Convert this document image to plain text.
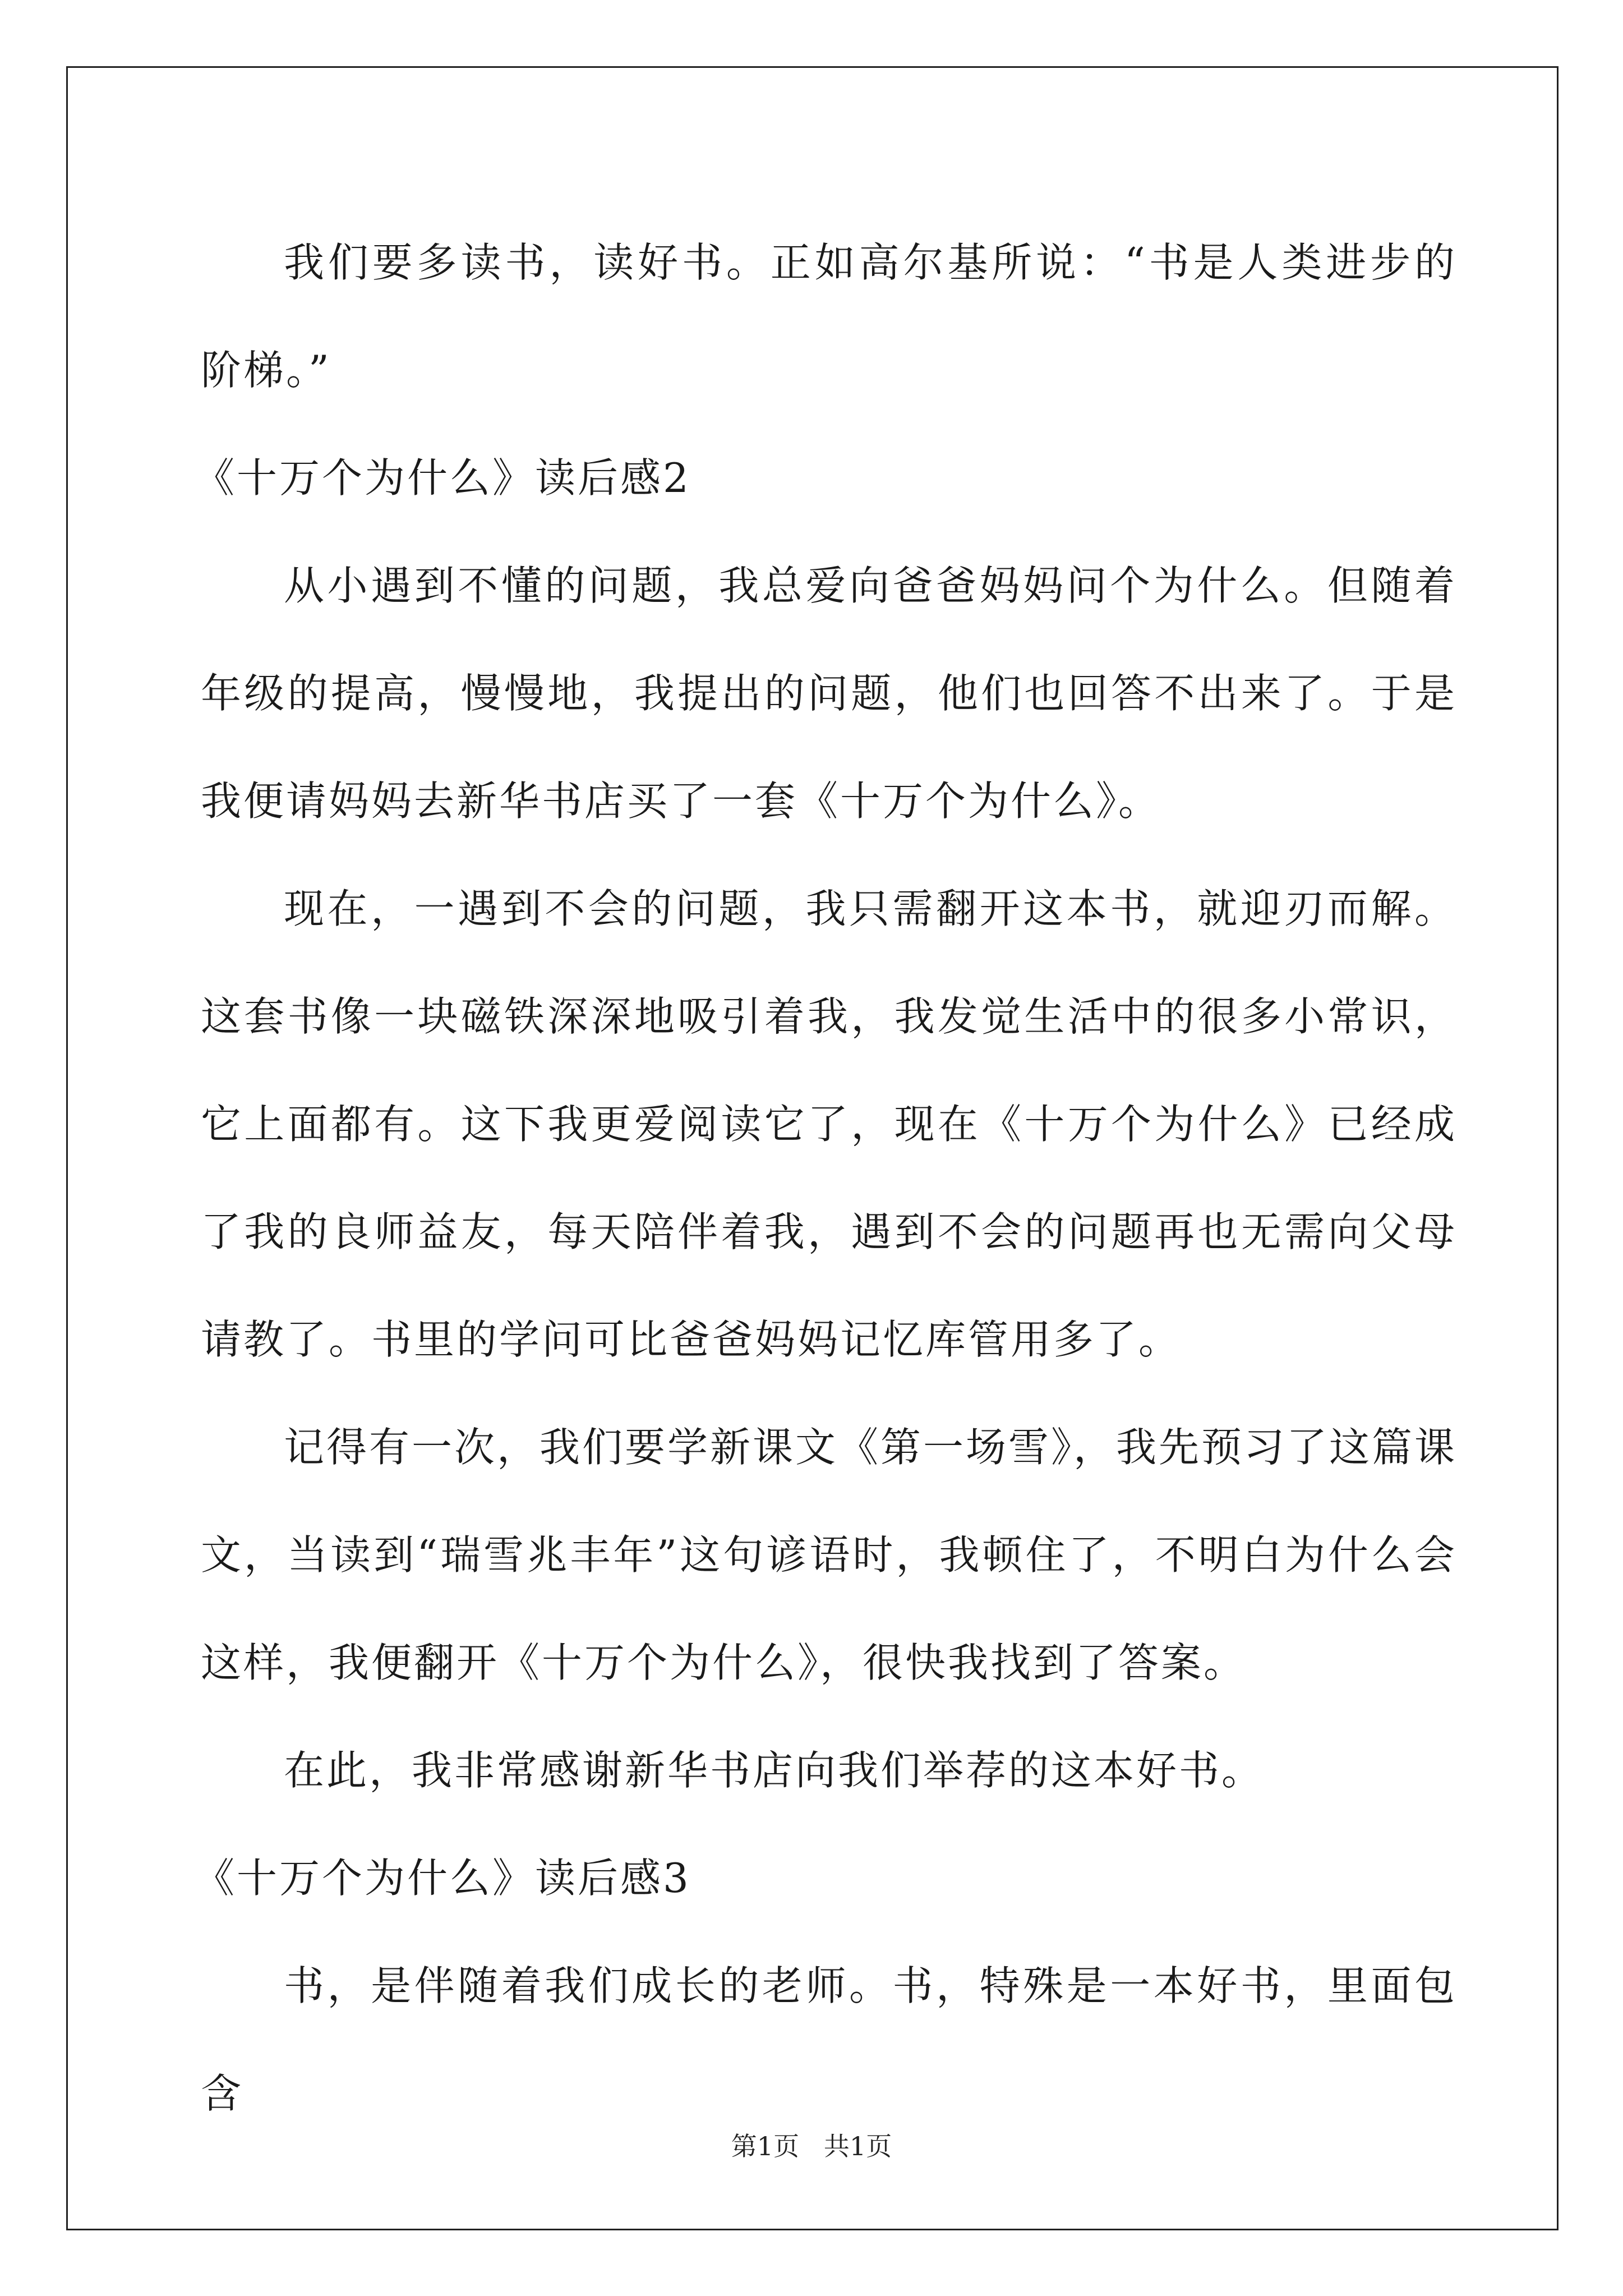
我们要多读书，读好书。正如高尔基所说：“书是人类进步的阶梯。”

《十万个为什么》读后感2

从小遇到不懂的问题，我总爱向爸爸妈妈问个为什么。但随着年级的提高，慢慢地，我提出的问题，他们也回答不出来了。于是我便请妈妈去新华书店买了一套《十万个为什么》。

现在，一遇到不会的问题，我只需翻开这本书，就迎刃而解。这套书像一块磁铁深深地吸引着我，我发觉生活中的很多小常识，它上面都有。这下我更爱阅读它了，现在《十万个为什么》已经成了我的良师益友，每天陪伴着我，遇到不会的问题再也无需向父母请教了。书里的学问可比爸爸妈妈记忆库管用多了。

记得有一次，我们要学新课文《第一场雪》，我先预习了这篇课文，当读到“瑞雪兆丰年”这句谚语时，我顿住了，不明白为什么会这样，我便翻开《十万个为什么》，很快我找到了答案。

在此，我非常感谢新华书店向我们举荐的这本好书。

《十万个为什么》读后感3

书，是伴随着我们成长的老师。书，特殊是一本好书，里面包含

第1页   共1页
